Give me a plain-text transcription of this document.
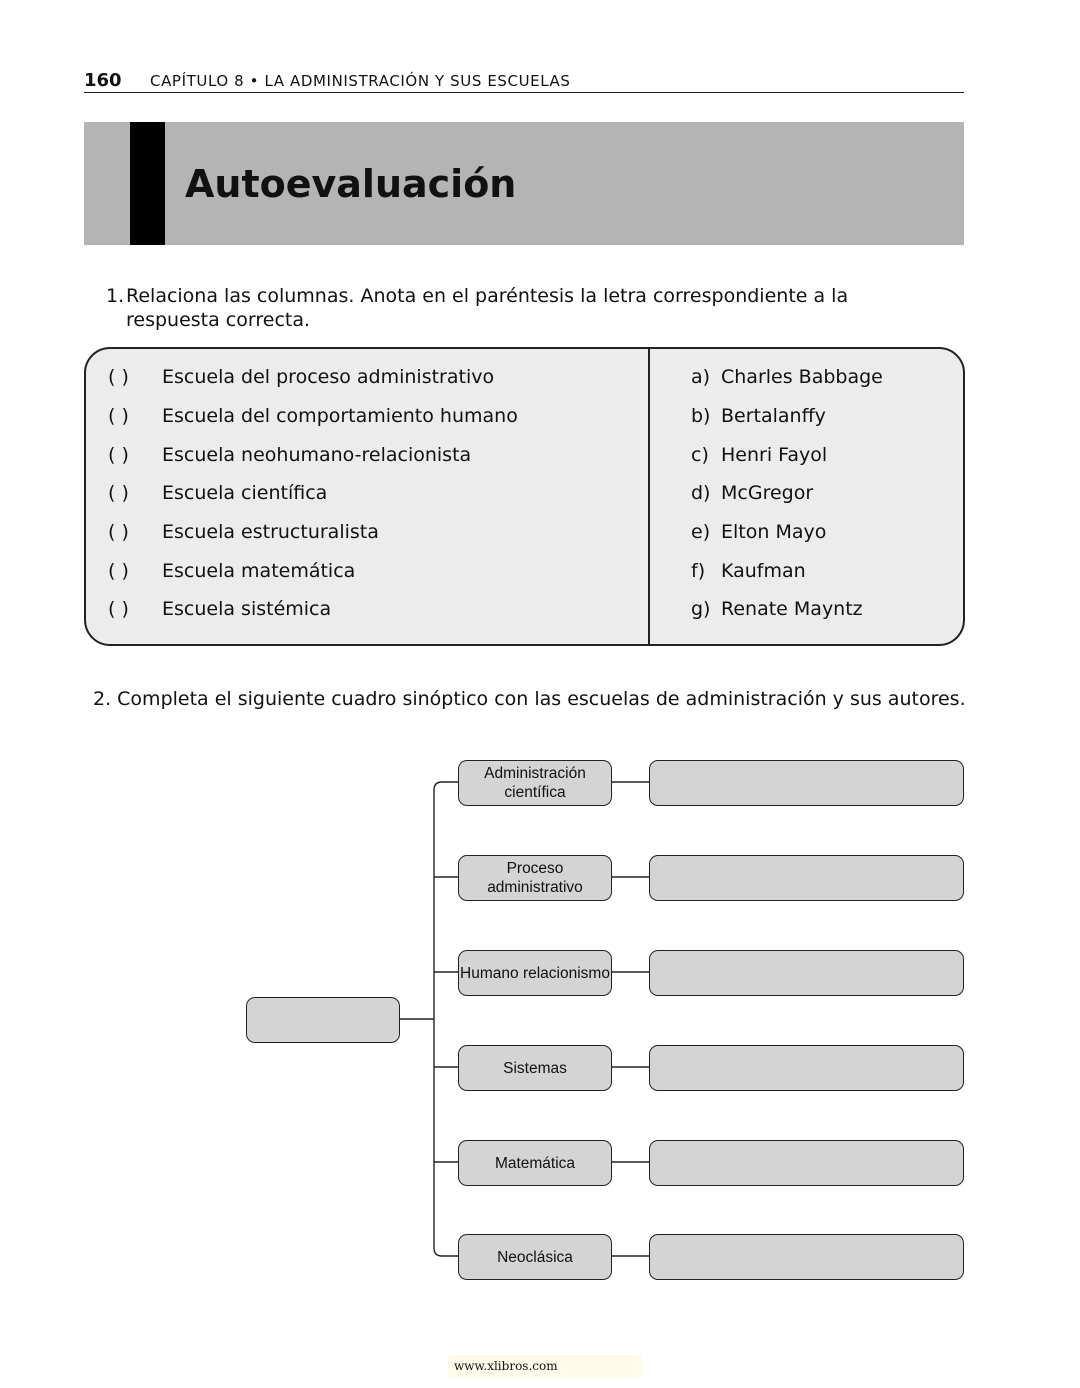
160 CAPÍTULO 8 • LA ADMINISTRACIÓN Y SUS ESCUELAS
Autoevaluación
1. Relaciona las columnas. Anota en el paréntesis la letra correspondiente a la respuesta correcta.
( ) Escuela del proceso administrativo
( ) Escuela del comportamiento humano
( ) Escuela neohumano-relacionista
( ) Escuela científica
( ) Escuela estructuralista
( ) Escuela matemática
( ) Escuela sistémica
a) Charles Babbage
b) Bertalanffy
c) Henri Fayol
d) McGregor
e) Elton Mayo
f) Kaufman
g) Renate Mayntz
2. Completa el siguiente cuadro sinóptico con las escuelas de administración y sus autores.
Administración científica
Proceso administrativo
Humano relacionismo
Sistemas
Matemática
Neoclásica
www.xlibros.com
